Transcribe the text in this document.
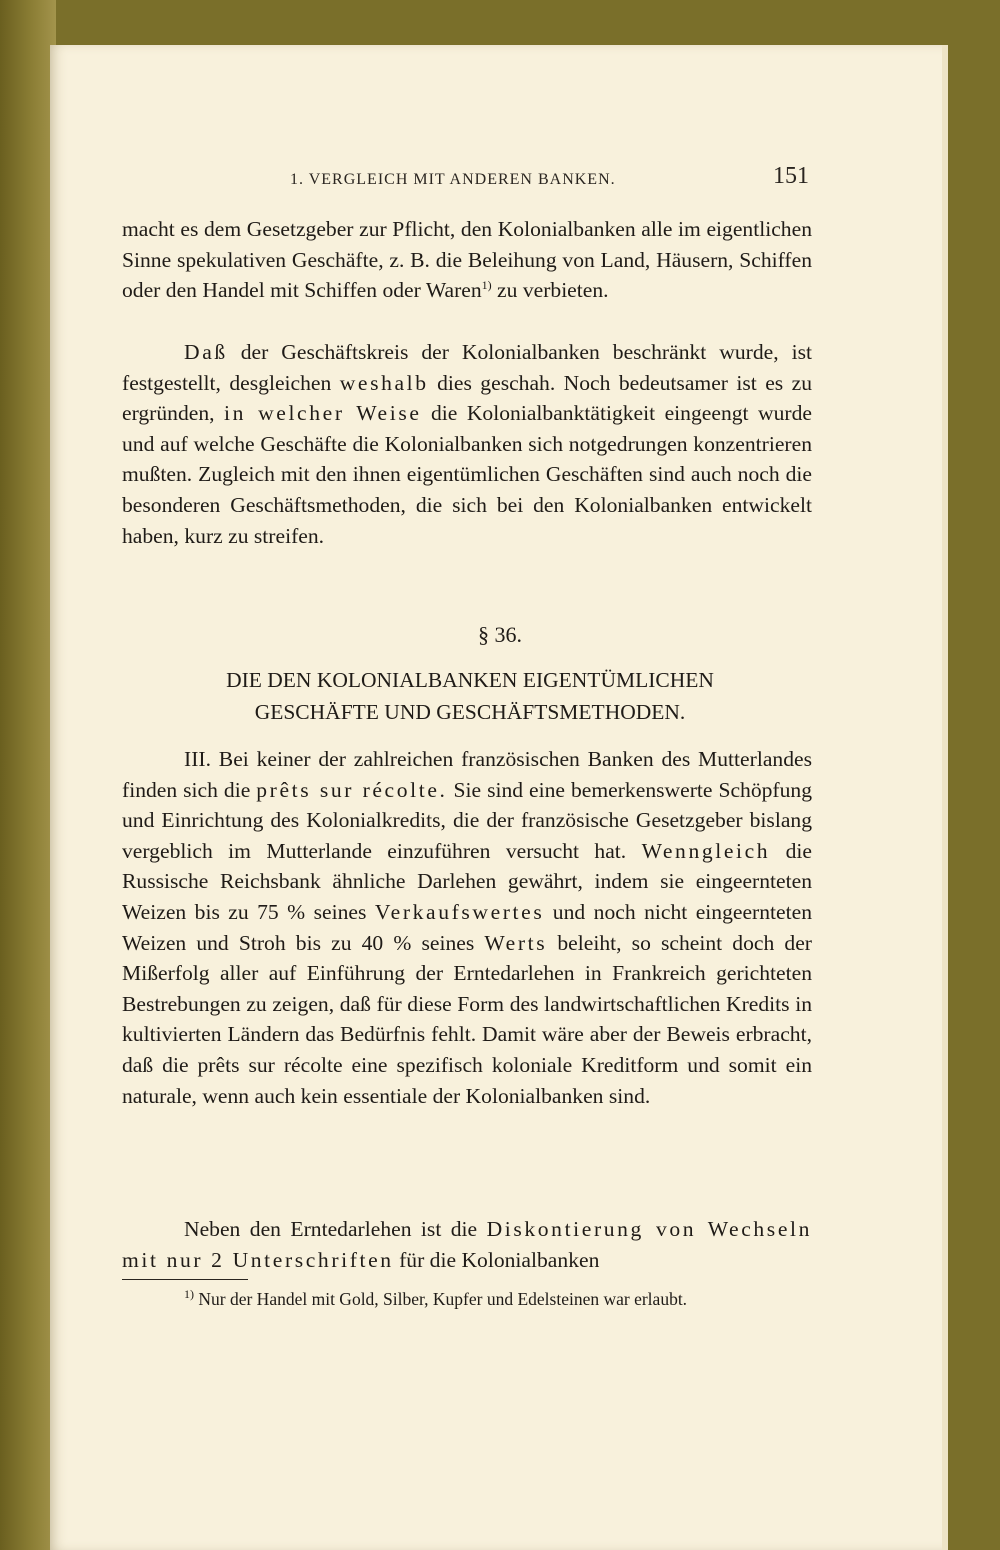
1. VERGLEICH MIT ANDEREN BANKEN.	151

macht es dem Gesetzgeber zur Pflicht, den Kolonialbanken alle im eigentlichen Sinne spekulativen Geschäfte, z. B. die Beleihung von Land, Häusern, Schiffen oder den Handel mit Schiffen oder Waren$^{1)}$ zu verbieten.

Daß der Geschäftskreis der Kolonialbanken beschränkt wurde, ist festgestellt, desgleichen weshalb dies geschah. Noch bedeutsamer ist es zu ergründen, in welcher Weise die Kolonialbanktätigkeit eingeengt wurde und auf welche Geschäfte die Kolonialbanken sich notgedrungen konzentrieren mußten. Zugleich mit den ihnen eigentümlichen Geschäften sind auch noch die besonderen Geschäftsmethoden, die sich bei den Kolonialbanken entwickelt haben, kurz zu streifen.

§ 36.

DIE DEN KOLONIALBANKEN EIGENTÜMLICHEN
GESCHÄFTE UND GESCHÄFTSMETHODEN.

III. Bei keiner der zahlreichen französischen Banken des Mutterlandes finden sich die prêts sur récolte. Sie sind eine bemerkenswerte Schöpfung und Einrichtung des Kolonialkredits, die der französische Gesetzgeber bislang vergeblich im Mutterlande einzuführen versucht hat. Wenngleich die Russische Reichsbank ähnliche Darlehen gewährt, indem sie eingeernteten Weizen bis zu 75 % seines Verkaufswertes und noch nicht eingeernteten Weizen und Stroh bis zu 40 % seines Werts beleiht, so scheint doch der Mißerfolg aller auf Einführung der Erntedarlehen in Frankreich gerichteten Bestrebungen zu zeigen, daß für diese Form des landwirtschaftlichen Kredits in kultivierten Ländern das Bedürfnis fehlt. Damit wäre aber der Beweis erbracht, daß die prêts sur récolte eine spezifisch koloniale Kreditform und somit ein naturale, wenn auch kein essentiale der Kolonialbanken sind.

Neben den Erntedarlehen ist die Diskontierung von Wechseln mit nur 2 Unterschriften für die Kolonialbanken

$^{1)}$ Nur der Handel mit Gold, Silber, Kupfer und Edelsteinen war erlaubt.
